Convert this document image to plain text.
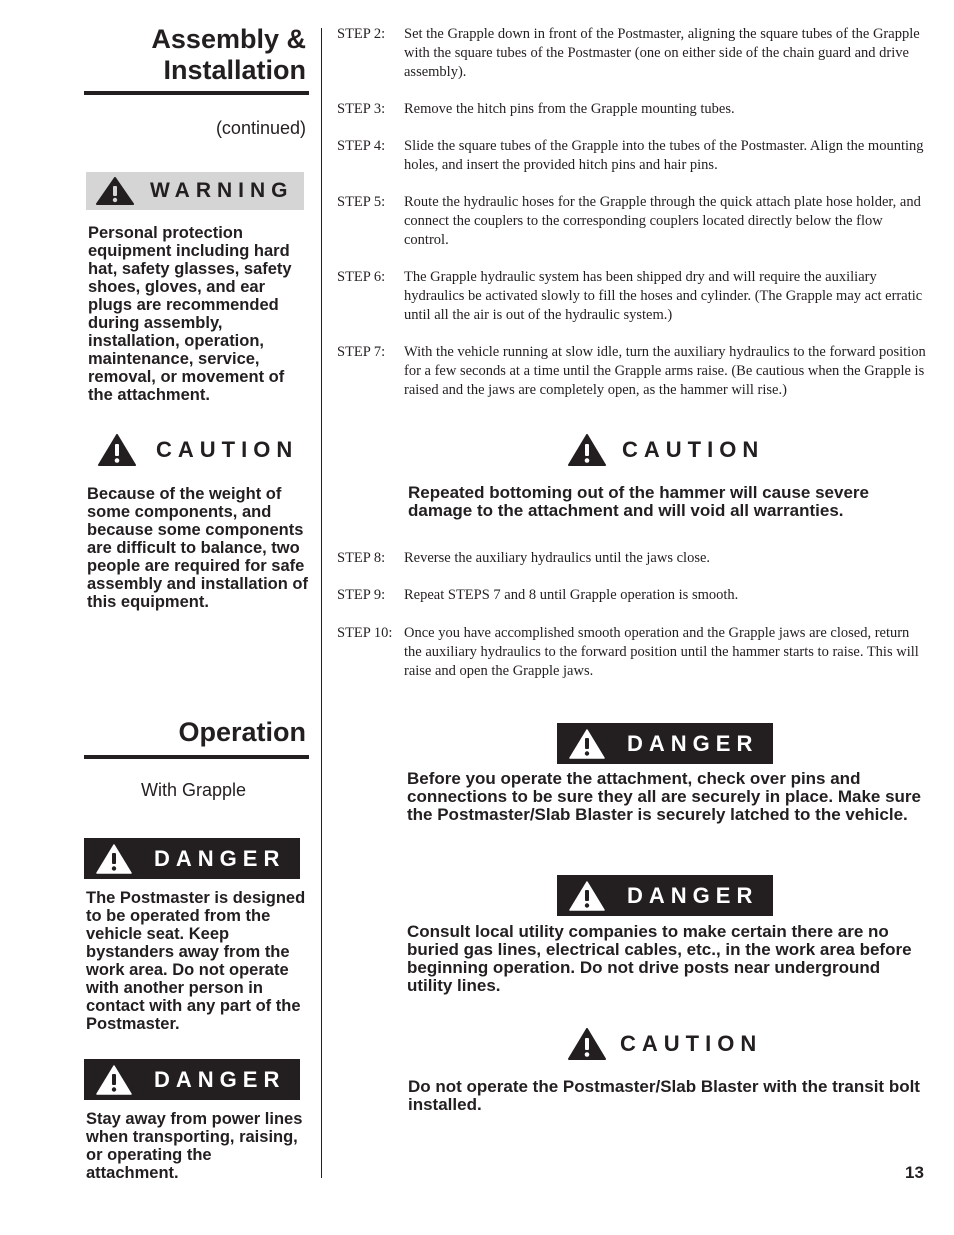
Assembly &
Installation
(continued)
WARNING
Personal protection equipment including hard hat, safety glasses, safety shoes, gloves, and ear plugs are recommended during assembly, installation, operation, maintenance, service, removal, or movement of the attachment.
CAUTION
Because of the weight of some components, and because some components are difficult to balance, two people are required for safe assembly and installation of this equipment.
Operation
With Grapple
DANGER
The Postmaster is designed to be operated from the vehicle seat. Keep bystanders away from the work area. Do not operate with another person in contact with any part of the Postmaster.
DANGER
Stay away from power lines when transporting, raising, or operating the attachment.
STEP 2:	Set the Grapple down in front of the Postmaster, aligning the square tubes of the Grapple with the square tubes of the Postmaster (one on either side of the chain guard and drive assembly).
STEP 3:	Remove the hitch pins from the Grapple mounting tubes.
STEP 4:	Slide the square tubes of the Grapple into the tubes of the Postmaster. Align the mounting holes, and insert the provided hitch pins and hair pins.
STEP 5:	Route the hydraulic hoses for the Grapple through the quick attach plate hose holder, and connect the couplers to the corresponding couplers located directly below the flow control.
STEP 6:	The Grapple hydraulic system has been shipped dry and will require the auxiliary hydraulics be activated slowly to fill the hoses and cylinder. (The Grapple may act erratic until all the air is out of the hydraulic system.)
STEP 7:	With the vehicle running at slow idle, turn the auxiliary hydraulics to the forward position for a few seconds at a time until the Grapple arms raise. (Be cautious when the Grapple is raised and the jaws are completely open, as the hammer will rise.)
CAUTION
Repeated bottoming out of the hammer will cause severe damage to the attachment and will void all warranties.
STEP 8:	Reverse the auxiliary hydraulics until the jaws close.
STEP 9:	Repeat STEPS 7 and 8 until Grapple operation is smooth.
STEP 10: Once you have accomplished smooth operation and the Grapple jaws are closed, return the auxiliary hydraulics to the forward position until the hammer starts to raise. This will raise and open the Grapple jaws.
DANGER
Before you operate the attachment, check over pins and connections to be sure they all are securely in place. Make sure the Postmaster/Slab Blaster is securely latched to the vehicle.
DANGER
Consult local utility companies to make certain there are no buried gas lines, electrical cables, etc., in the work area before beginning operation. Do not drive posts near underground utility lines.
CAUTION
Do not operate the Postmaster/Slab Blaster with the transit bolt installed.
13
